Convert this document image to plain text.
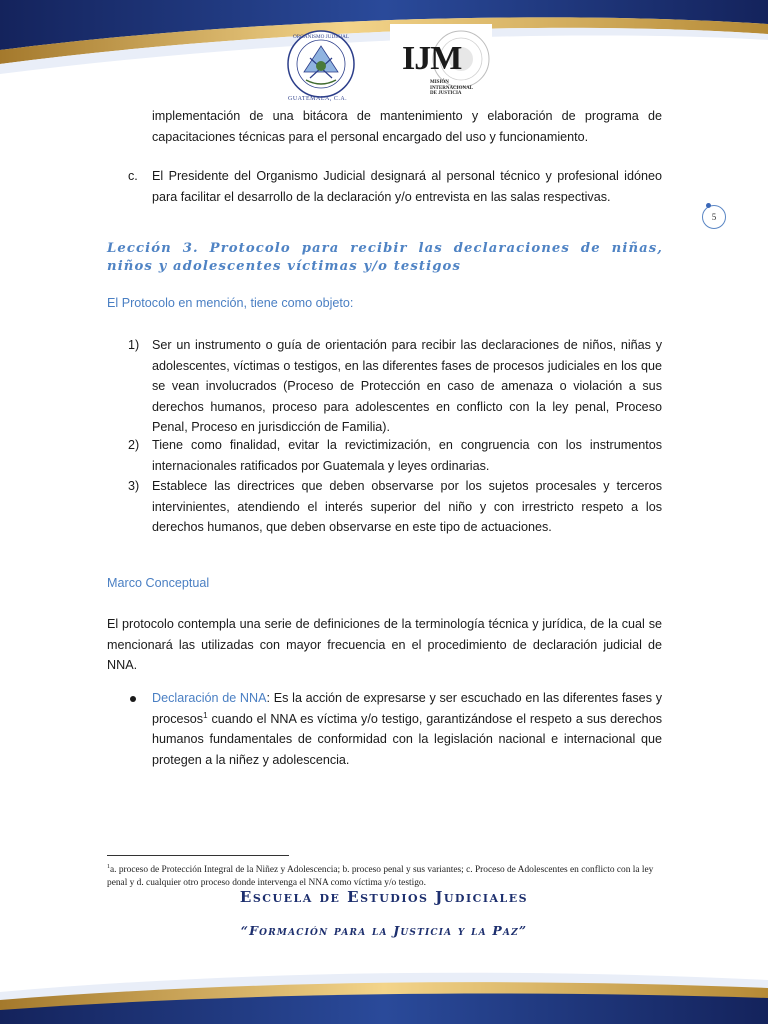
ORGANISMO JUDICIAL
GUATEMALA, C.A.
IJM
MISIÓN INTERNACIONAL DE JUSTICIA
5
implementación de una bitácora de mantenimiento y elaboración de programa de capacitaciones técnicas para el personal encargado del uso y funcionamiento.
c. El Presidente del Organismo Judicial designará al personal técnico y profesional idóneo para facilitar el desarrollo de la declaración y/o entrevista en las salas respectivas.
Lección 3. Protocolo para recibir las declaraciones de niñas, niños y adolescentes víctimas y/o testigos
El Protocolo en mención, tiene como objeto:
1) Ser un instrumento o guía de orientación para recibir las declaraciones de niños, niñas y adolescentes, víctimas o testigos, en las diferentes fases de procesos judiciales en los que se vean involucrados (Proceso de Protección en caso de amenaza o violación a sus derechos humanos, proceso para adolescentes en conflicto con la ley penal, Proceso Penal, Proceso en jurisdicción de Familia).
2) Tiene como finalidad, evitar la revictimización, en congruencia con los instrumentos internacionales ratificados por Guatemala y leyes ordinarias.
3) Establece las directrices que deben observarse por los sujetos procesales y terceros intervinientes, atendiendo el interés superior del niño y con irrestricto respeto a los derechos humanos, que deben observarse en este tipo de actuaciones.
Marco Conceptual
El protocolo contempla una serie de definiciones de la terminología técnica y jurídica, de la cual se mencionará las utilizadas con mayor frecuencia en el procedimiento de declaración judicial de NNA.
Declaración de NNA: Es la acción de expresarse y ser escuchado en las diferentes fases y procesos$^1$ cuando el NNA es víctima y/o testigo, garantizándose el respeto a sus derechos humanos fundamentales de conformidad con la legislación nacional e internacional que protegen a la niñez y adolescencia.
$^1$a. proceso de Protección Integral de la Niñez y Adolescencia; b. proceso penal y sus variantes; c. Proceso de Adolescentes en conflicto con la ley penal y d. cualquier otro proceso donde intervenga el NNA como víctima y/o testigo.
Escuela de Estudios Judiciales
“Formación para la Justicia y la Paz”
